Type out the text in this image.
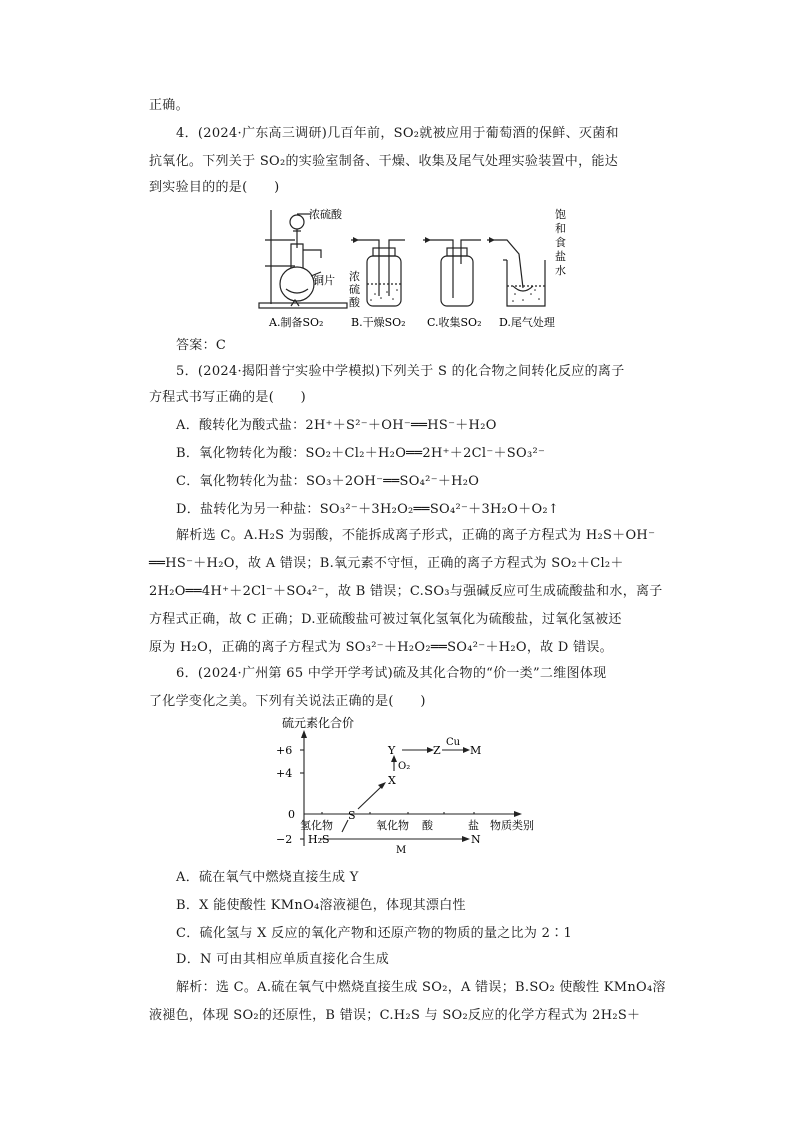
正确。
4．(2024·广东高三调研)几百年前，SO₂就被应用于葡萄酒的保鲜、灭菌和
抗氧化。下列关于 SO₂的实验室制备、干燥、收集及尾气处理实验装置中，能达
到实验目的的是(　　)
浓硫酸
铜片 浓硫酸
饱和食盐水
A.制备SO₂	B.干燥SO₂ C.收集SO₂ D.尾气处理
答案：C
5．(2024·揭阳普宁实验中学模拟)下列关于 S 的化合物之间转化反应的离子
方程式书写正确的是(　　)
A．酸转化为酸式盐：2H⁺＋S²⁻＋OH⁻══HS⁻＋H₂O
B．氧化物转化为酸：SO₂＋Cl₂＋H₂O══2H⁺＋2Cl⁻＋SO₃²⁻
C．氧化物转化为盐：SO₃＋2OH⁻══SO₄²⁻＋H₂O
D．盐转化为另一种盐：SO₃²⁻＋3H₂O₂══SO₄²⁻＋3H₂O＋O₂↑
解析选 C。A.H₂S 为弱酸，不能拆成离子形式，正确的离子方程式为 H₂S＋OH⁻
══HS⁻＋H₂O，故 A 错误；B.氧元素不守恒，正确的离子方程式为 SO₂＋Cl₂＋
2H₂O══4H⁺＋2Cl⁻＋SO₄²⁻，故 B 错误；C.SO₃与强碱反应可生成硫酸盐和水，离子
方程式正确，故 C 正确；D.亚硫酸盐可被过氧化氢氧化为硫酸盐，过氧化氢被还
原为 H₂O，正确的离子方程式为 SO₃²⁻＋H₂O₂══SO₄²⁻＋H₂O，故 D 错误。
6．(2024·广州第 65 中学开学考试)硫及其化合物的“价一类”二维图体现
了化学变化之美。下列有关说法正确的是(　　)
硫元素化合价
+6
+4
0
−2
氢化物	氧化物 酸	盐 物质类别
S
X
Y	Z	M
H₂S	N
O₂
Cu
M
A．硫在氧气中燃烧直接生成 Y
B．X 能使酸性 KMnO₄溶液褪色，体现其漂白性
C．硫化氢与 X 反应的氧化产物和还原产物的物质的量之比为 2∶1
D．N 可由其相应单质直接化合生成
解析：选 C。A.硫在氧气中燃烧直接生成 SO₂，A 错误；B.SO₂ 使酸性 KMnO₄溶
液褪色，体现 SO₂的还原性，B 错误；C.H₂S 与 SO₂反应的化学方程式为 2H₂S＋
